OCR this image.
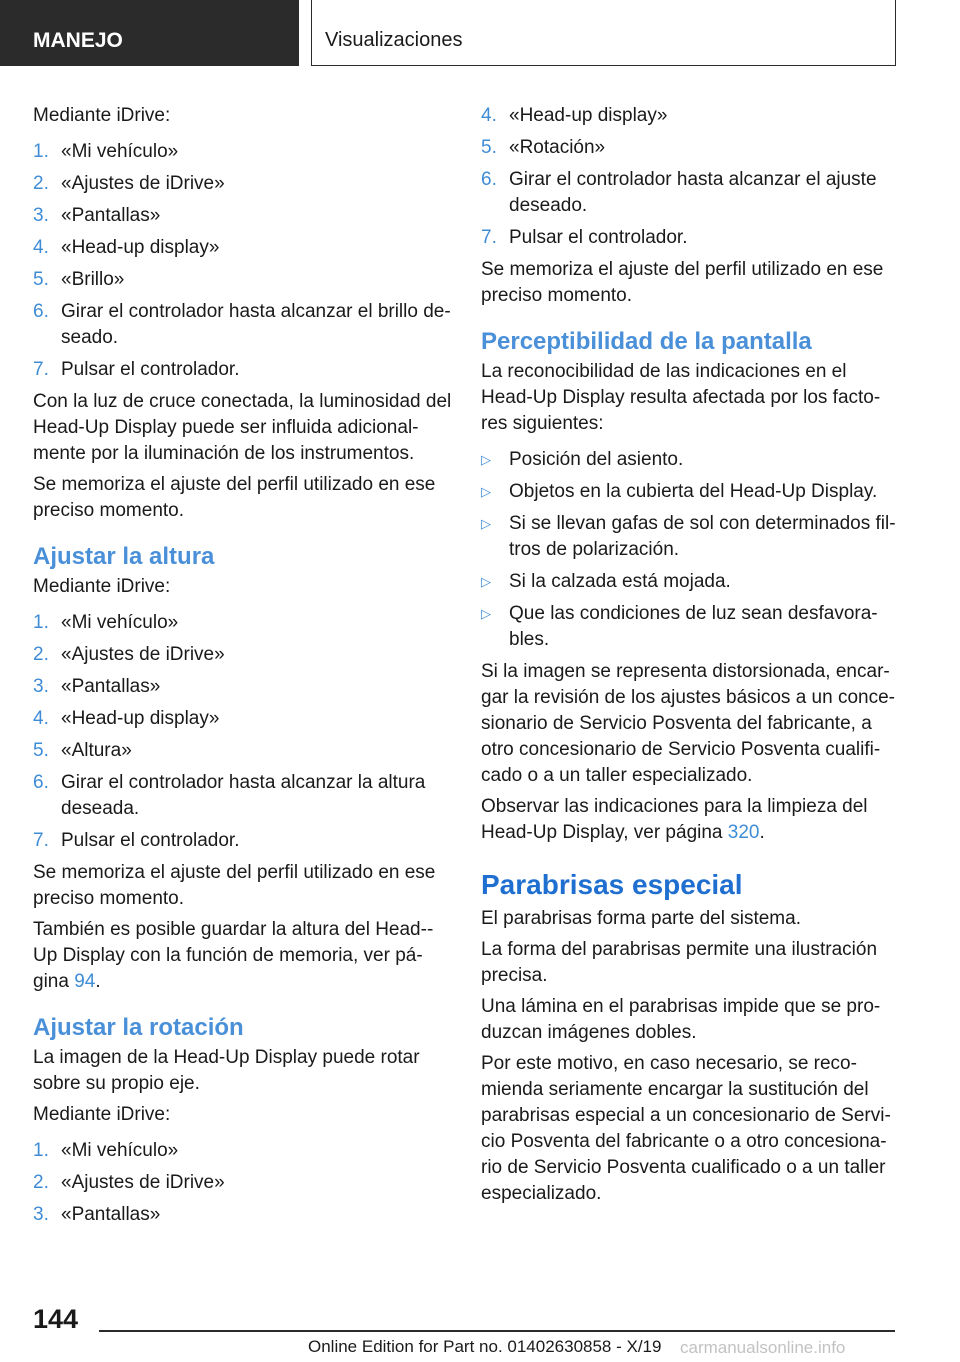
MANEJO	Visualizaciones

Mediante iDrive:

1. «Mi vehículo»
2. «Ajustes de iDrive»
3. «Pantallas»
4. «Head-up display»
5. «Brillo»
6. Girar el controlador hasta alcanzar el brillo de‐seado.
7. Pulsar el controlador.

Con la luz de cruce conectada, la luminosidad del Head-Up Display puede ser influida adicional‐mente por la iluminación de los instrumentos.

Se memoriza el ajuste del perfil utilizado en ese preciso momento.

Ajustar la altura

Mediante iDrive:

1. «Mi vehículo»
2. «Ajustes de iDrive»
3. «Pantallas»
4. «Head-up display»
5. «Altura»
6. Girar el controlador hasta alcanzar la altura deseada.
7. Pulsar el controlador.

Se memoriza el ajuste del perfil utilizado en ese preciso momento.

También es posible guardar la altura del Head-‐Up Display con la función de memoria, ver pá‐gina 94.

Ajustar la rotación

La imagen de la Head-Up Display puede rotar sobre su propio eje.

Mediante iDrive:

1. «Mi vehículo»
2. «Ajustes de iDrive»
3. «Pantallas»
4. «Head-up display»
5. «Rotación»
6. Girar el controlador hasta alcanzar el ajuste deseado.
7. Pulsar el controlador.

Se memoriza el ajuste del perfil utilizado en ese preciso momento.

Perceptibilidad de la pantalla

La reconocibilidad de las indicaciones en el Head-Up Display resulta afectada por los facto‐res siguientes:

▷ Posición del asiento.
▷ Objetos en la cubierta del Head-Up Display.
▷ Si se llevan gafas de sol con determinados fil‐tros de polarización.
▷ Si la calzada está mojada.
▷ Que las condiciones de luz sean desfavora‐bles.

Si la imagen se representa distorsionada, encar‐gar la revisión de los ajustes básicos a un conce‐sionario de Servicio Posventa del fabricante, a otro concesionario de Servicio Posventa cualifi‐cado o a un taller especializado.

Observar las indicaciones para la limpieza del Head-Up Display, ver página 320.

Parabrisas especial

El parabrisas forma parte del sistema.

La forma del parabrisas permite una ilustración precisa.

Una lámina en el parabrisas impide que se pro‐duzcan imágenes dobles.

Por este motivo, en caso necesario, se reco‐mienda seriamente encargar la sustitución del parabrisas especial a un concesionario de Servi‐cio Posventa del fabricante o a otro concesiona‐rio de Servicio Posventa cualificado o a un taller especializado.

144
Online Edition for Part no. 01402630858 - X/19 carmanualsonline.info
